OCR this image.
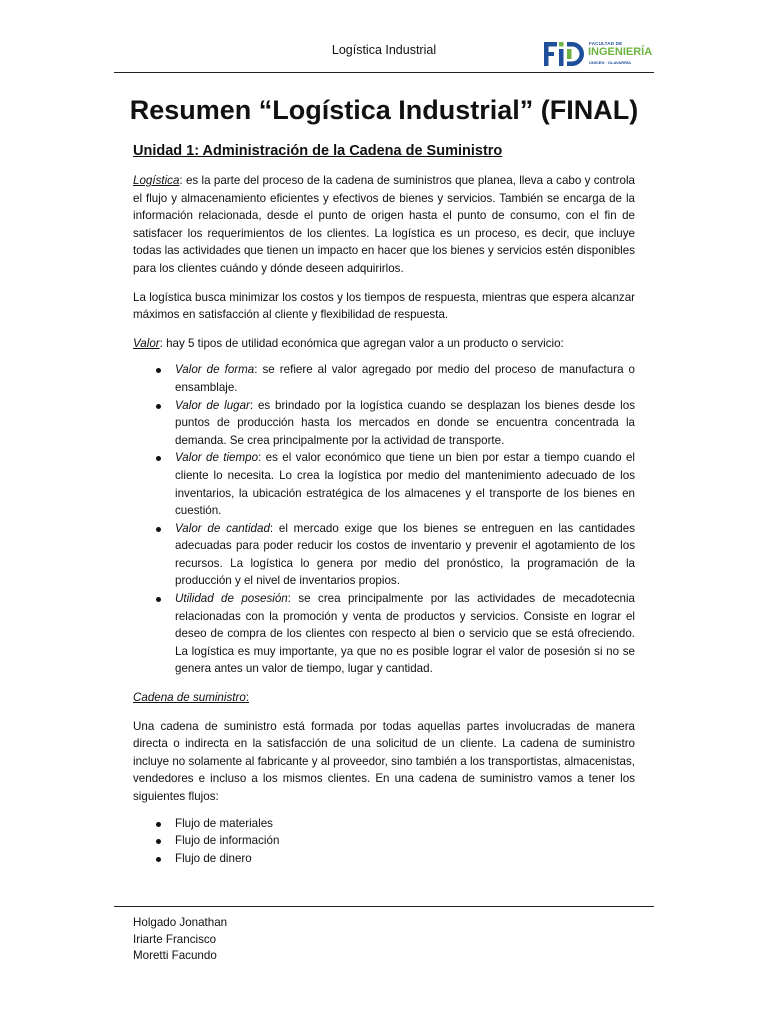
Logística Industrial	FACULTAD DE
INGENIERÍA
UNICEN · OLAVARRÍA
Resumen “Logística Industrial” (FINAL)
Unidad 1: Administración de la Cadena de Suministro

Logística: es la parte del proceso de la cadena de suministros que planea, lleva a cabo y controla el flujo y almacenamiento eficientes y efectivos de bienes y servicios. También se encarga de la información relacionada, desde el punto de origen hasta el punto de consumo, con el fin de satisfacer los requerimientos de los clientes. La logística es un proceso, es decir, que incluye todas las actividades que tienen un impacto en hacer que los bienes y servicios estén disponibles para los clientes cuándo y dónde deseen adquirirlos.

La logística busca minimizar los costos y los tiempos de respuesta, mientras que espera alcanzar máximos en satisfacción al cliente y flexibilidad de respuesta.

Valor: hay 5 tipos de utilidad económica que agregan valor a un producto o servicio:

Valor de forma: se refiere al valor agregado por medio del proceso de manufactura o ensamblaje.
Valor de lugar: es brindado por la logística cuando se desplazan los bienes desde los puntos de producción hasta los mercados en donde se encuentra concentrada la demanda. Se crea principalmente por la actividad de transporte.
Valor de tiempo: es el valor económico que tiene un bien por estar a tiempo cuando el cliente lo necesita. Lo crea la logística por medio del mantenimiento adecuado de los inventarios, la ubicación estratégica de los almacenes y el transporte de los bienes en cuestión.
Valor de cantidad: el mercado exige que los bienes se entreguen en las cantidades adecuadas para poder reducir los costos de inventario y prevenir el agotamiento de los recursos. La logística lo genera por medio del pronóstico, la programación de la producción y el nivel de inventarios propios.
Utilidad de posesión: se crea principalmente por las actividades de mecadotecnia relacionadas con la promoción y venta de productos y servicios. Consiste en lograr el deseo de compra de los clientes con respecto al bien o servicio que se está ofreciendo. La logística es muy importante, ya que no es posible lograr el valor de posesión si no se genera antes un valor de tiempo, lugar y cantidad.

Cadena de suministro:

Una cadena de suministro está formada por todas aquellas partes involucradas de manera directa o indirecta en la satisfacción de una solicitud de un cliente. La cadena de suministro incluye no solamente al fabricante y al proveedor, sino también a los transportistas, almacenistas, vendedores e incluso a los mismos clientes. En una cadena de suministro vamos a tener los siguientes flujos:

Flujo de materiales
Flujo de información
Flujo de dinero
Holgado Jonathan
Iriarte Francisco
Moretti Facundo
